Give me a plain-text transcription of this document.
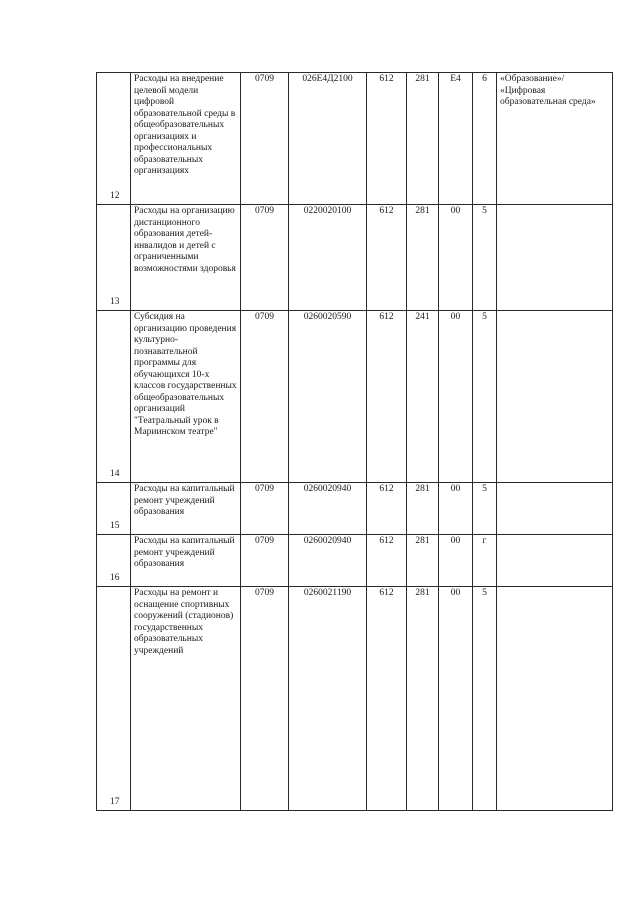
12	Расходы на внедрение целевой модели цифровой образовательной среды в общеобразовательных организациях и профессиональных образовательных организациях	0709	026Е4Д2100	612	281	Е4	6	«Образование»/ «Цифровая образовательная среда»
13	Расходы на организацию дистанционного образования детей-инвалидов и детей с ограниченными возможностями здоровья	0709	0220020100	612	281	00	5	
14	Субсидия на организацию проведения культурно-познавательной программы для обучающихся 10-х классов государственных общеобразовательных организаций "Театральный урок в Мариинском театре"	0709	0260020590	612	241	00	5	
15	Расходы на капитальный ремонт учреждений образования	0709	0260020940	612	281	00	5	
16	Расходы на капитальный ремонт учреждений образования	0709	0260020940	612	281	00	г	
17	Расходы на ремонт и оснащение спортивных сооружений (стадионов) государственных образовательных учреждений	0709	0260021190	612	281	00	5	
